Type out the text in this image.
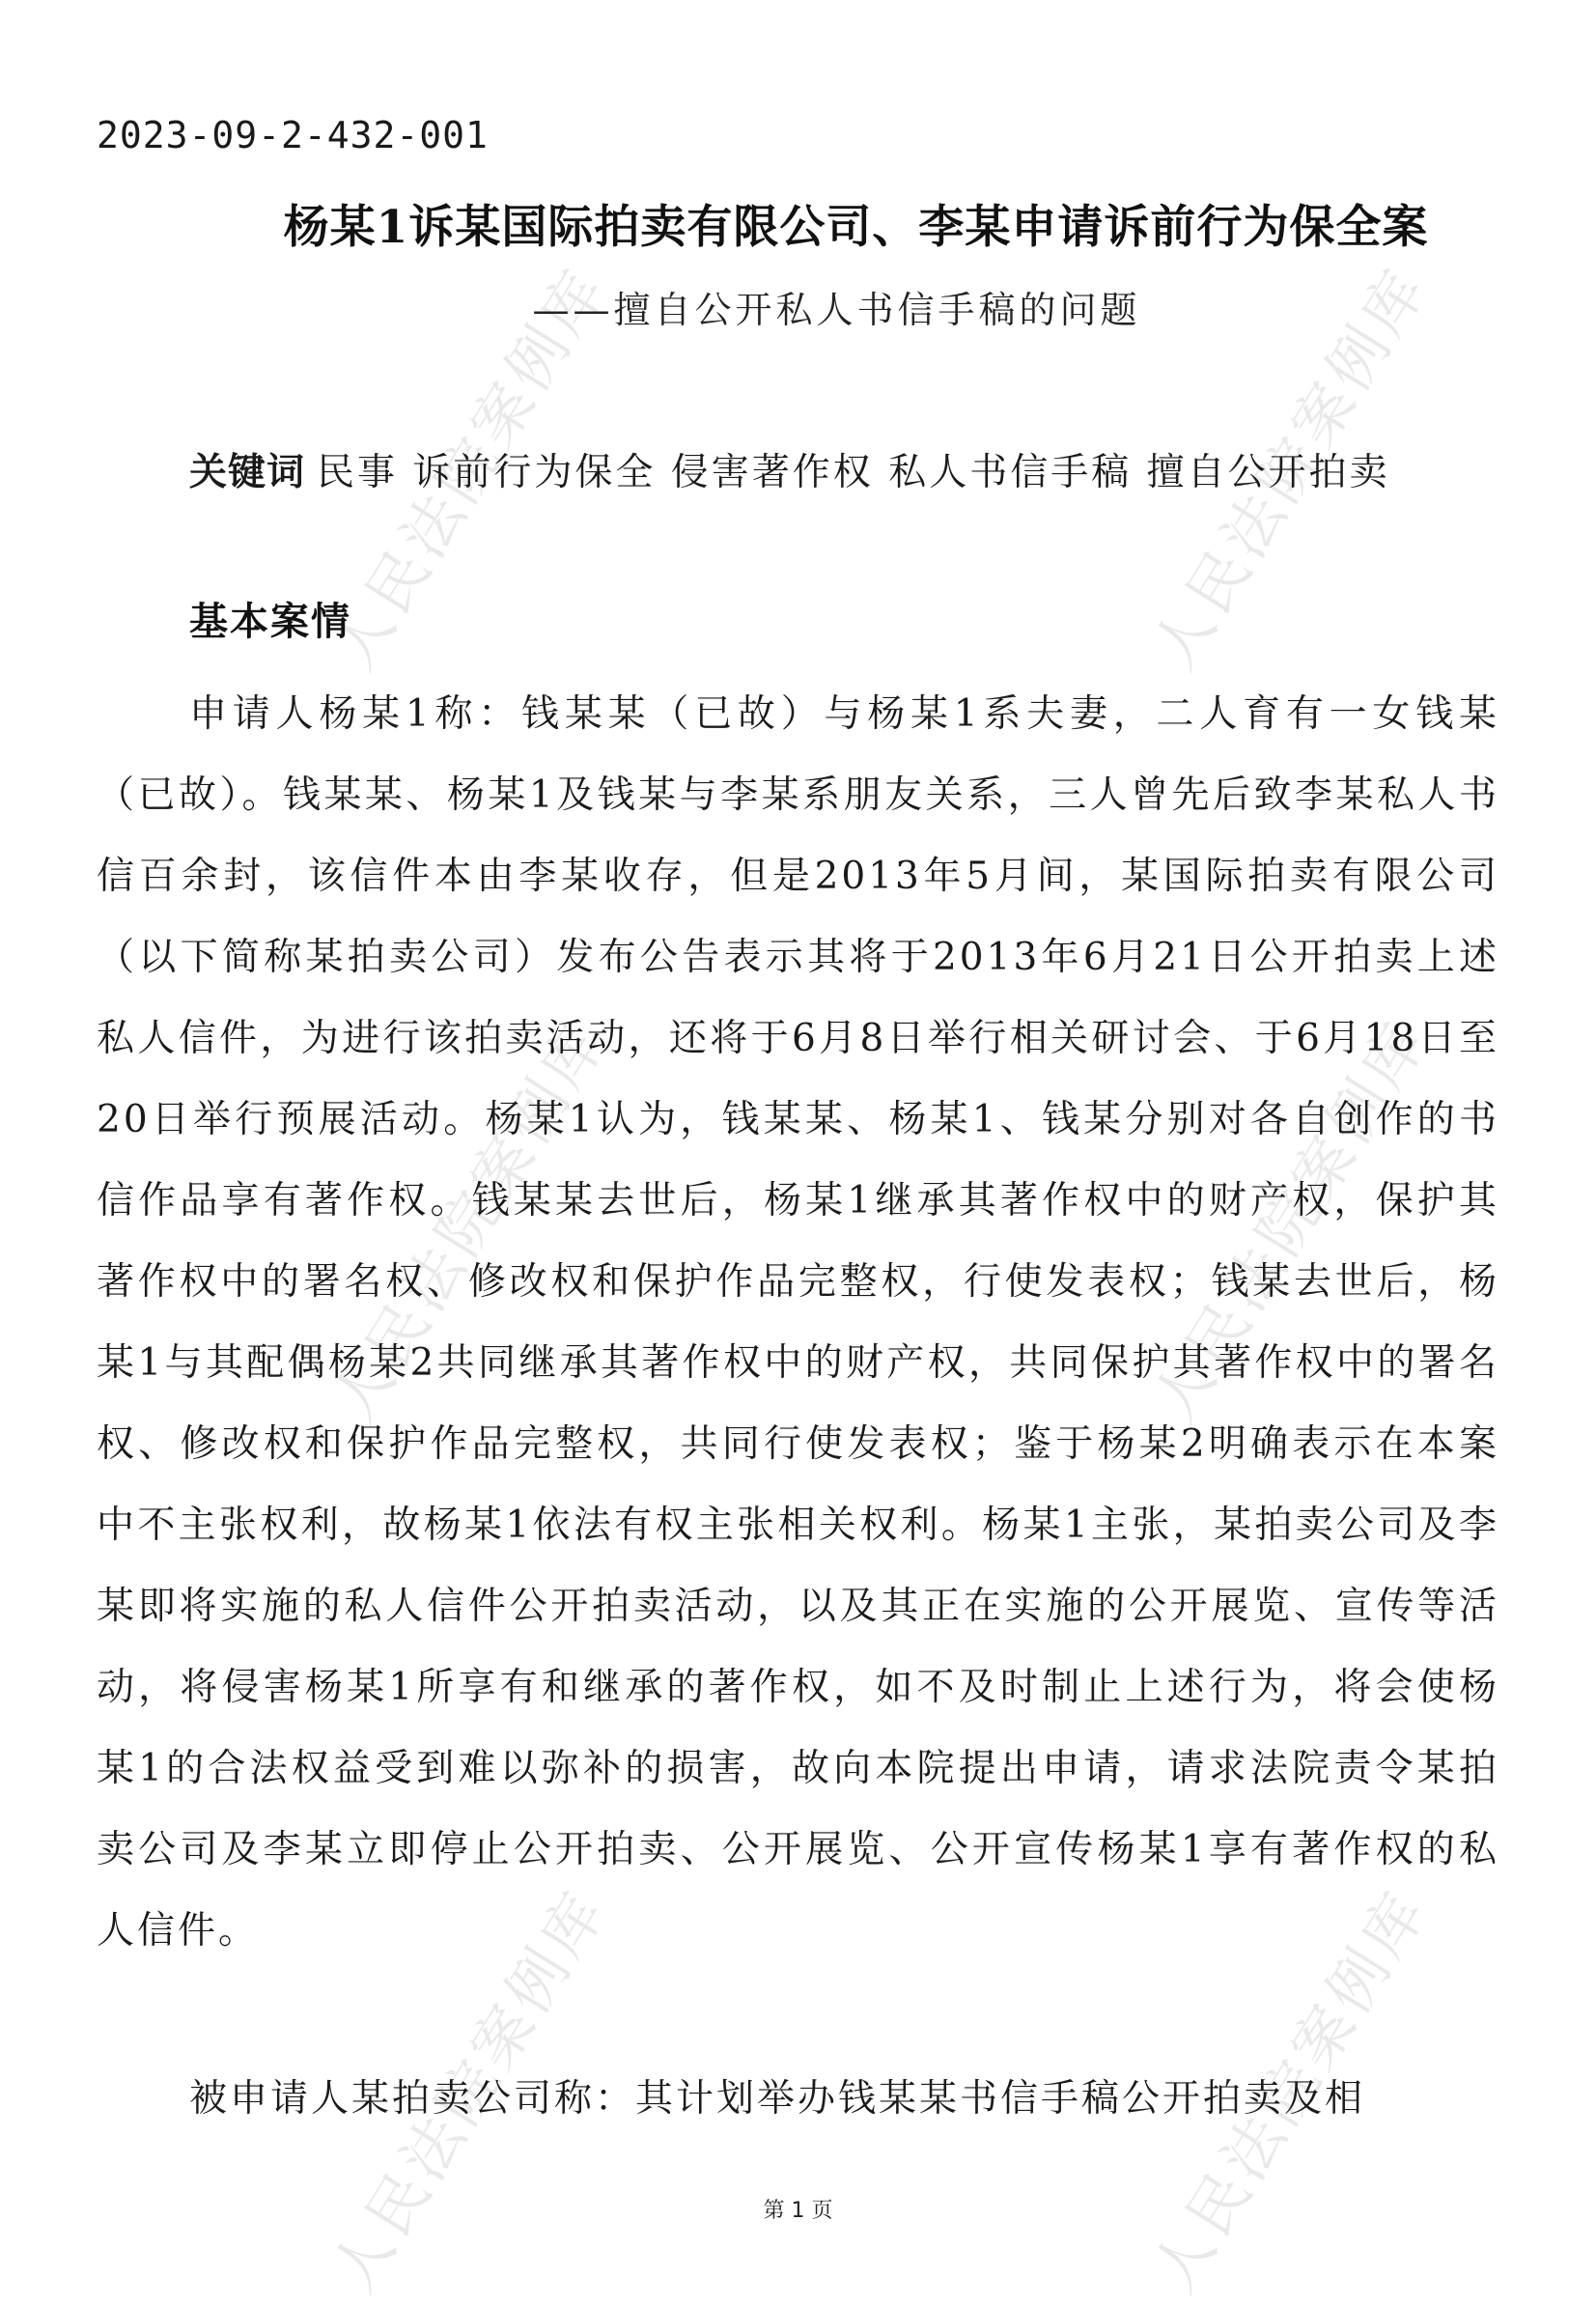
人民法院案例库	人民法院案例库
人民法院案例库	人民法院案例库
人民法院案例库	人民法院案例库
2023-09-2-432-001
杨某1诉某国际拍卖有限公司、李某申请诉前行为保全案
——擅自公开私人书信手稿的问题
关键词 民事 诉前行为保全 侵害著作权 私人书信手稿 擅自公开拍卖
基本案情
申请人杨某1称：钱某某（已故）与杨某1系夫妻，二人育有一女钱某（已故）。钱某某、杨某1及钱某与李某系朋友关系，三人曾先后致李某私人书信百余封，该信件本由李某收存，但是2013年5月间，某国际拍卖有限公司（以下简称某拍卖公司）发布公告表示其将于2013年6月21日公开拍卖上述私人信件，为进行该拍卖活动，还将于6月8日举行相关研讨会、于6月18日至20日举行预展活动。杨某1认为，钱某某、杨某1、钱某分别对各自创作的书信作品享有著作权。钱某某去世后，杨某1继承其著作权中的财产权，保护其著作权中的署名权、修改权和保护作品完整权，行使发表权；钱某去世后，杨某1与其配偶杨某2共同继承其著作权中的财产权，共同保护其著作权中的署名权、修改权和保护作品完整权，共同行使发表权；鉴于杨某2明确表示在本案中不主张权利，故杨某1依法有权主张相关权利。杨某1主张，某拍卖公司及李某即将实施的私人信件公开拍卖活动，以及其正在实施的公开展览、宣传等活动，将侵害杨某1所享有和继承的著作权，如不及时制止上述行为，将会使杨某1的合法权益受到难以弥补的损害，故向本院提出申请，请求法院责令某拍卖公司及李某立即停止公开拍卖、公开展览、公开宣传杨某1享有著作权的私人信件。
被申请人某拍卖公司称：其计划举办钱某某书信手稿公开拍卖及相
第 1 页
